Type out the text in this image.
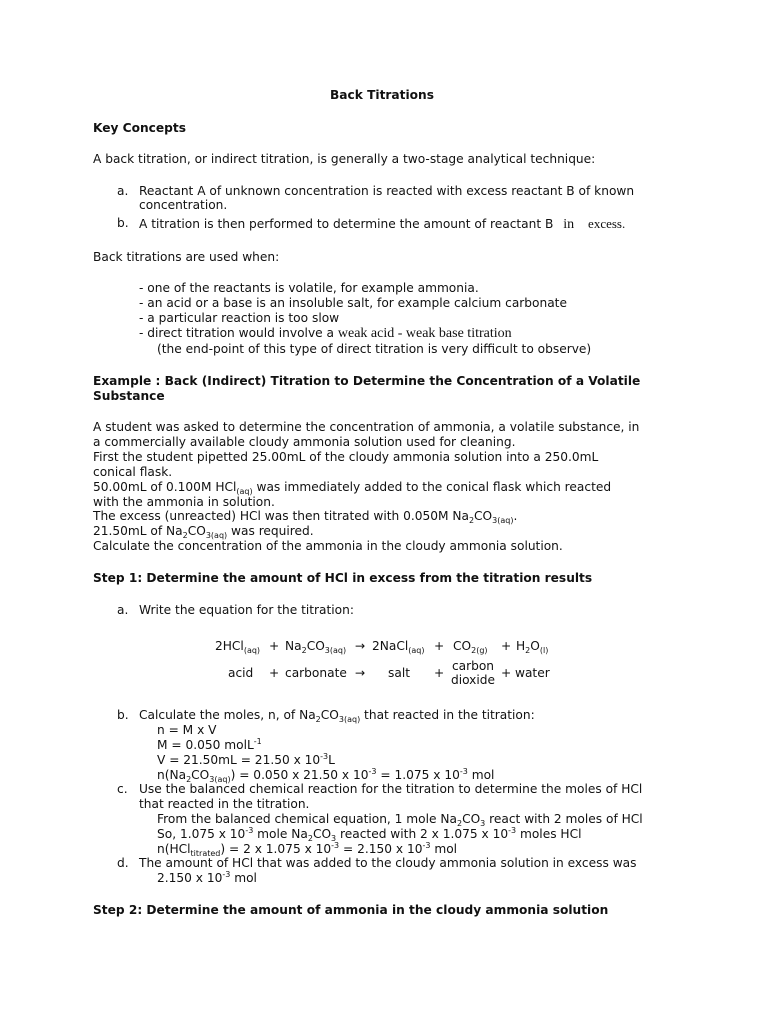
Back Titrations
Key Concepts
A back titration, or indirect titration, is generally a two-stage analytical technique:
a. Reactant A of unknown concentration is reacted with excess reactant B of known
concentration.
b. A titration is then performed to determine the amount of reactant B in excess.
Back titrations are used when:
- one of the reactants is volatile, for example ammonia.
- an acid or a base is an insoluble salt, for example calcium carbonate
- a particular reaction is too slow
- direct titration would involve a weak acid - weak base titration
(the end-point of this type of direct titration is very difficult to observe)
Example : Back (Indirect) Titration to Determine the Concentration of a Volatile
Substance
A student was asked to determine the concentration of ammonia, a volatile substance, in
a commercially available cloudy ammonia solution used for cleaning.
First the student pipetted 25.00mL of the cloudy ammonia solution into a 250.0mL
conical flask.
50.00mL of 0.100M HCl$_{(aq)}$ was immediately added to the conical flask which reacted
with the ammonia in solution.
The excess (unreacted) HCl was then titrated with 0.050M $Na_2CO_{3(aq)}$.
21.50mL of $Na_2CO_{3(aq)}$ was required.
Calculate the concentration of the ammonia in the cloudy ammonia solution.
Step 1: Determine the amount of HCl in excess from the titration results
a. Write the equation for the titration:
$2HCl_{(aq)} + Na_2CO_{3(aq)}$ → 2NaCl$_{(aq)}$ + $CO_{2(g)} + H_2O_{(l)}$
acid + carbonate → salt + carbon
dioxide + water
b. Calculate the moles, n, of $Na_2CO_{3(aq)}$ that reacted in the titration:
n = M x V
M = 0.050 molL$^{-1}$
V = 21.50mL = 21.50 x $10^{-3}L$
$n(Na_2CO_{3(aq)}) = 0.050$ x 21.50 x $10^{-3} = 1.075$ x $10^{-3}$ mol
c. Use the balanced chemical reaction for the titration to determine the moles of HCl
that reacted in the titration.
From the balanced chemical equation, 1 mole $Na_2CO_3$ react with 2 moles of HCl
So, 1.075 x $10^{-3}$ mole $Na_2CO_3$ reacted with 2 x 1.075 x $10^{-3}$ moles HCl
n(HCl$_{titrated}$) = 2 x 1.075 x $10^{-3} = 2.150$ x $10^{-3}$ mol
d. The amount of HCl that was added to the cloudy ammonia solution in excess was
2.150 x $10^{-3}$ mol
Step 2: Determine the amount of ammonia in the cloudy ammonia solution
